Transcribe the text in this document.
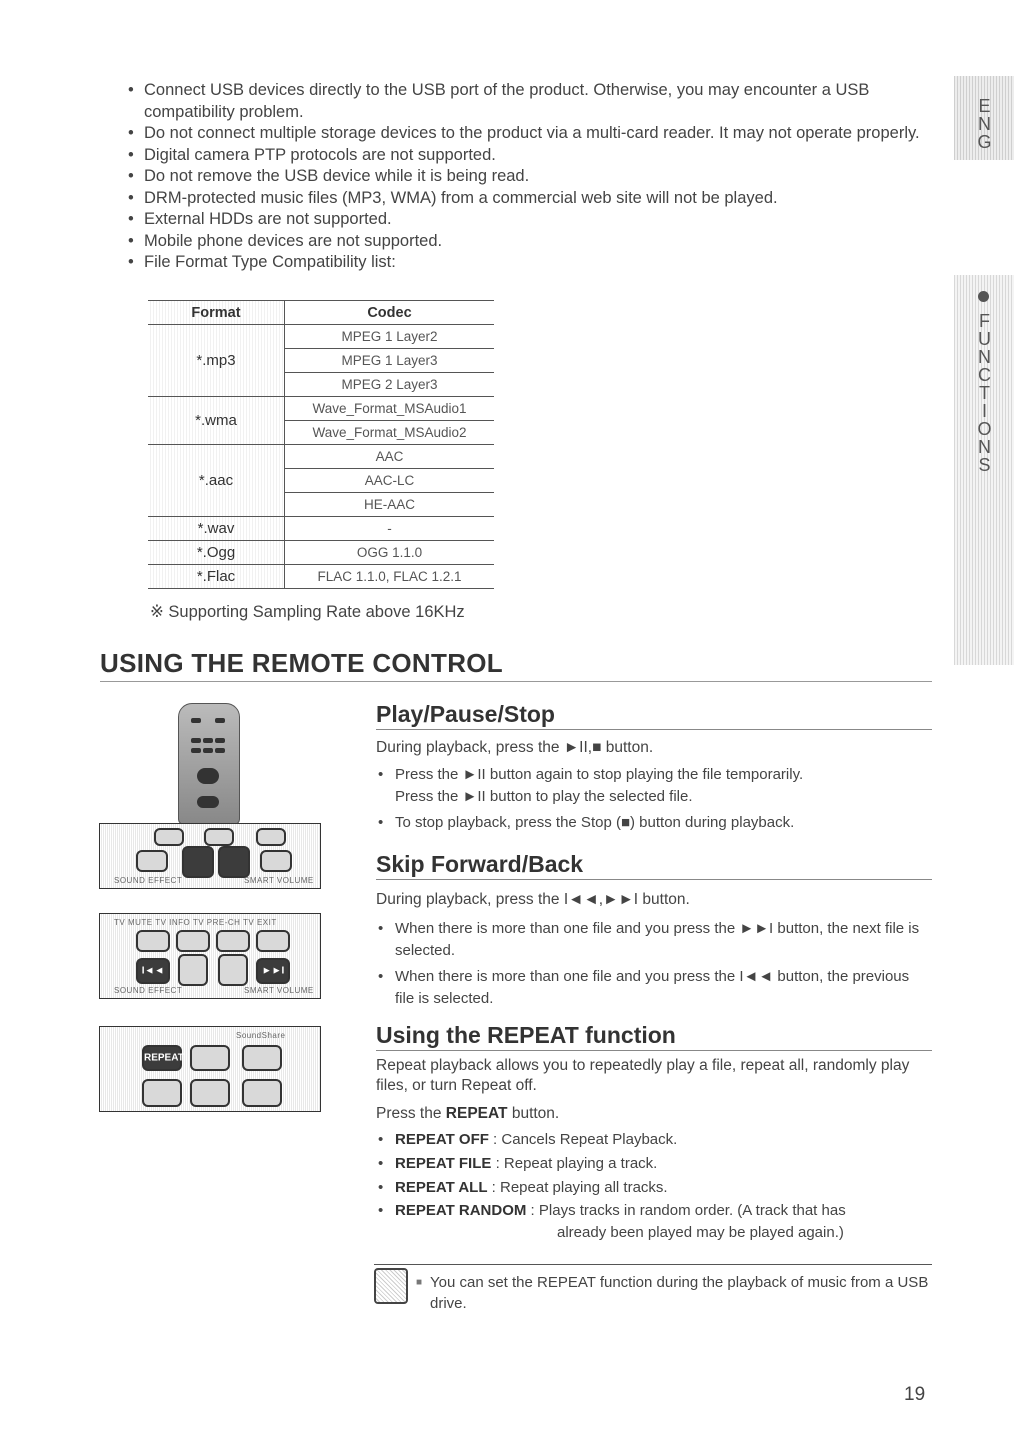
• Connect USB devices directly to the USB port of the product. Otherwise, you may encounter a USB compatibility problem.
• Do not connect multiple storage devices to the product via a multi-card reader. It may not operate properly.
• Digital camera PTP protocols are not supported.
• Do not remove the USB device while it is being read.
• DRM-protected music files (MP3, WMA) from a commercial web site will not be played.
• External HDDs are not supported.
• Mobile phone devices are not supported.
• File Format Type Compatibility list:
Format	Codec
*.mp3	MPEG 1 Layer2
	MPEG 1 Layer3
	MPEG 2 Layer3
*.wma	Wave_Format_MSAudio1
	Wave_Format_MSAudio2
*.aac	AAC
	AAC-LC
	HE-AAC
*.wav	-
*.Ogg	OGG 1.1.0
*.Flac	FLAC 1.1.0, FLAC 1.2.1
※ Supporting Sampling Rate above 16KHz
USING THE REMOTE CONTROL
SOUND EFFECT	SMART VOLUME
TV MUTE TV INFO TV PRE-CH TV EXIT
I◄◄	►►I
SOUND EFFECT	SMART VOLUME
SoundShare
REPEAT
Play/Pause/Stop

During playback, press the ►II,■ button.

• Press the ►II button again to stop playing the file temporarily.
Press the ►II button to play the selected file.
• To stop playback, press the Stop (■) button during playback.
Skip Forward/Back

During playback, press the I◄◄,►►I button.

• When there is more than one file and you press the ►►I button, the next file is selected.
• When there is more than one file and you press the I◄◄ button, the previous file is selected.
Using the REPEAT function

Repeat playback allows you to repeatedly play a file, repeat all, randomly play files, or turn Repeat off.

Press the REPEAT button.

• REPEAT OFF : Cancels Repeat Playback.
• REPEAT FILE : Repeat playing a track.
• REPEAT ALL : Repeat playing all tracks.
• REPEAT RANDOM : Plays tracks in random order. (A track that has
already been played may be played again.)
■ You can set the REPEAT function during the playback of music from a USB drive.
ENG
FUNCTIONS
19
